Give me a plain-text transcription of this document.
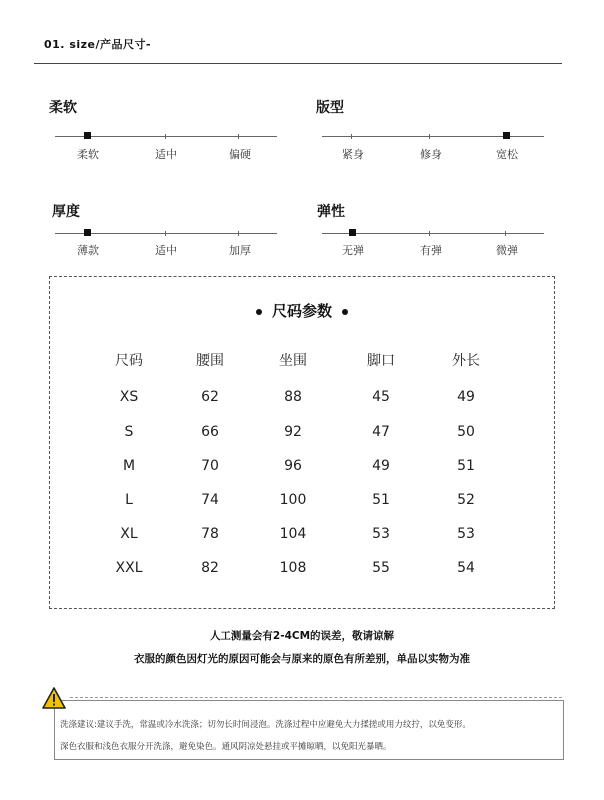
01. size/产品尺寸-
柔软
柔软	适中	偏硬
版型
紧身	修身	宽松
厚度
薄款	适中	加厚
弹性
无弹	有弹	微弹
尺码参数
尺码	腰围	坐围	脚口	外长
XS	62	88	45	49
S	66	92	47	50
M	70	96	49	51
L	74	100	51	52
XL	78	104	53	53
XXL	82	108	55	54
人工测量会有2-4CM的误差，敬请谅解
衣服的颜色因灯光的原因可能会与原来的原色有所差别，单品以实物为准
洗涤建议:建议手洗，常温或冷水洗涤；切勿长时间浸泡。洗涤过程中应避免大力揉搓或用力纹拧，以免变形。
深色衣服和浅色衣服分开洗涤，避免染色。通风阴凉处悬挂或平摊晾晒，以免阳光暴晒。
